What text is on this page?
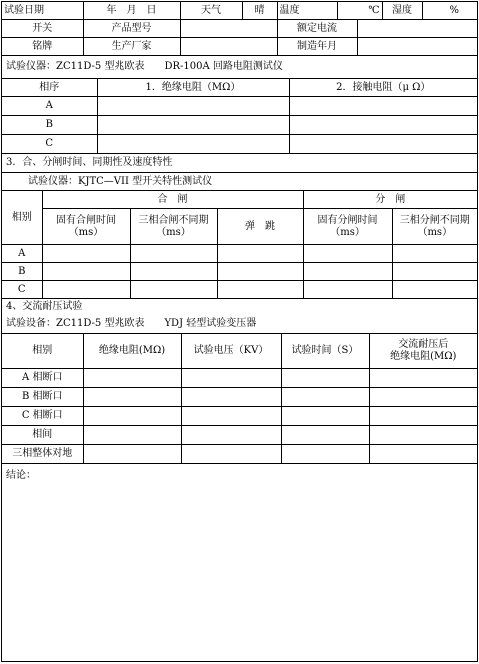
试验日期	年　月　日	天气	晴	温度	℃	湿度	%
开关	产品型号		额定电流	
铭牌	生产厂家		制造年月	
试验仪器：ZC11D-5 型兆欧表　　DR-100A 回路电阻测试仪
相序	1．绝缘电阻（MΩ）	2．接触电阻（μ Ω）
A		
B		
C		
3．合、分闸时间、同期性及速度特性
试验仪器：KJTC—VII 型开关特性测试仪
相别	合　闸			分　闸	
	固有合闸时间（ms）	三相合闸不同期（ms）	弹　跳	固有分闸时间（ms）	三相分闸不同期（ms）
A					
B					
C					
4、交流耐压试验
试验设备：ZC11D-5 型兆欧表　　YDJ 轻型试验变压器
相别	绝缘电阻(MΩ)	试验电压（KV）	试验时间（S）	交流耐压后
绝缘电阻(MΩ)

A 相断口				
B 相断口				
C 相断口				
相间				
三相整体对地				
结论：
